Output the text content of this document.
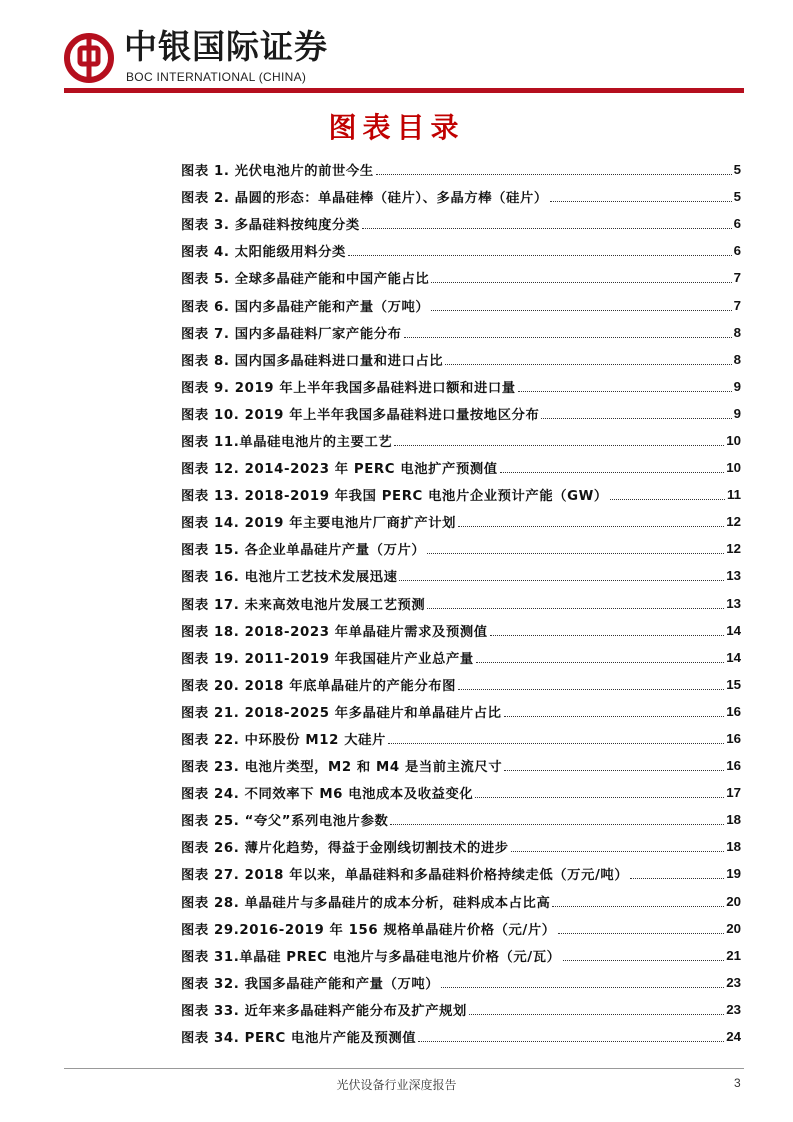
中银国际证券
BOC INTERNATIONAL (CHINA)
图表目录
图表 1. 光伏电池片的前世今生	5
图表 2. 晶圆的形态：单晶硅棒（硅片）、多晶方棒（硅片）	5
图表 3. 多晶硅料按纯度分类	6
图表 4. 太阳能级用料分类	6
图表 5. 全球多晶硅产能和中国产能占比	7
图表 6. 国内多晶硅产能和产量（万吨）	7
图表 7. 国内多晶硅料厂家产能分布	8
图表 8. 国内国多晶硅料进口量和进口占比	8
图表 9. 2019 年上半年我国多晶硅料进口额和进口量	9
图表 10. 2019 年上半年我国多晶硅料进口量按地区分布	9
图表 11.单晶硅电池片的主要工艺	10
图表 12. 2014-2023 年 PERC 电池扩产预测值	10
图表 13. 2018-2019 年我国 PERC 电池片企业预计产能（GW）	11
图表 14. 2019 年主要电池片厂商扩产计划	12
图表 15. 各企业单晶硅片产量（万片）	12
图表 16. 电池片工艺技术发展迅速	13
图表 17. 未来高效电池片发展工艺预测	13
图表 18. 2018-2023 年单晶硅片需求及预测值	14
图表 19. 2011-2019 年我国硅片产业总产量	14
图表 20. 2018 年底单晶硅片的产能分布图	15
图表 21. 2018-2025 年多晶硅片和单晶硅片占比	16
图表 22. 中环股份 M12 大硅片	16
图表 23. 电池片类型，M2 和 M4 是当前主流尺寸	16
图表 24. 不同效率下 M6 电池成本及收益变化	17
图表 25. “夸父”系列电池片参数	18
图表 26. 薄片化趋势，得益于金刚线切割技术的进步	18
图表 27. 2018 年以来，单晶硅料和多晶硅料价格持续走低（万元/吨）	19
图表 28. 单晶硅片与多晶硅片的成本分析，硅料成本占比高	20
图表 29.2016-2019 年 156 规格单晶硅片价格（元/片）	20
图表 31.单晶硅 PREC 电池片与多晶硅电池片价格（元/瓦）	21
图表 32. 我国多晶硅产能和产量（万吨）	23
图表 33. 近年来多晶硅料产能分布及扩产规划	23
图表 34. PERC 电池片产能及预测值	24
光伏设备行业深度报告	3
